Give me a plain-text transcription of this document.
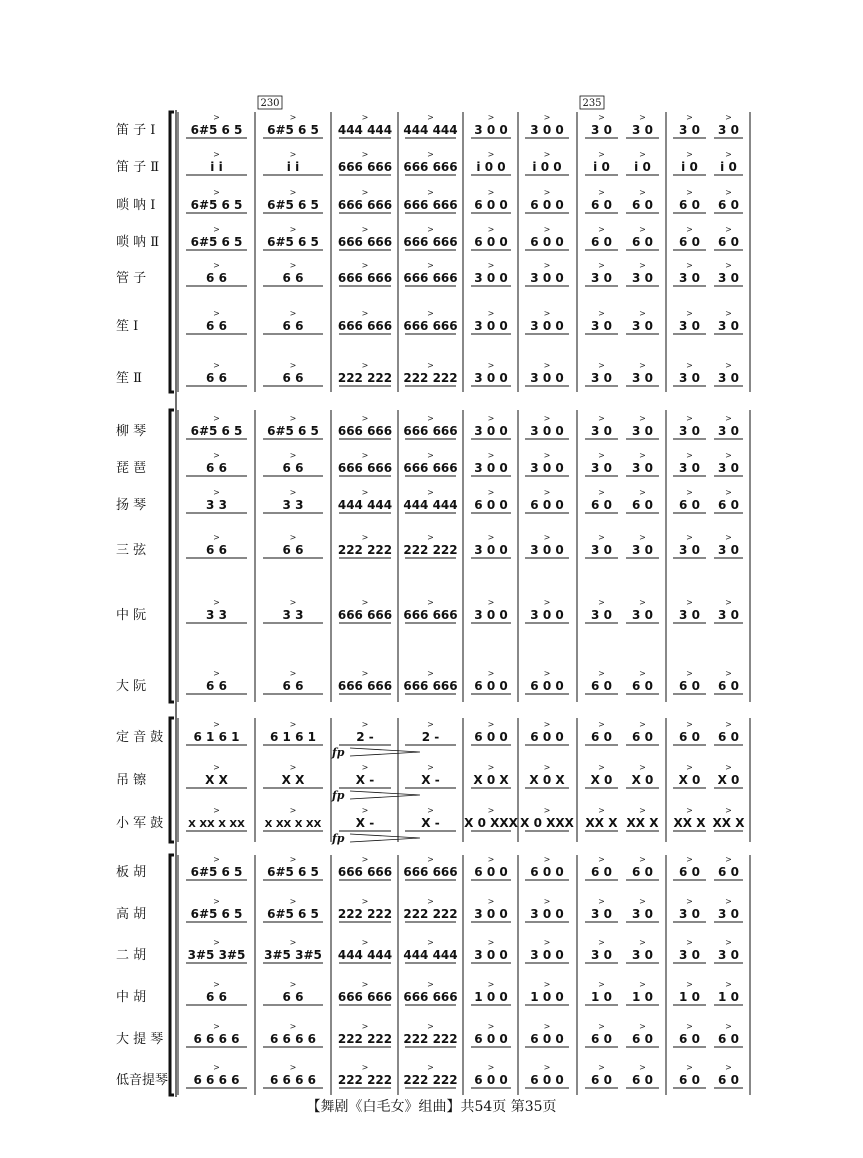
230	235
笛 子 Ⅰ
笛 子 Ⅱ
唢 呐 Ⅰ
唢 呐 Ⅱ
管 子
笙 Ⅰ
笙 Ⅱ
柳 琴
琵 琶
扬 琴
三 弦
中 阮
大 阮
定 音 鼓
吊 镲
小 军 鼓
板 胡
高 胡
二 胡
中 胡
大 提 琴
低音提琴
>
6#5 6 5
>
6#5 6 5
>
444 444
>
444 444
>
3 0 0
>
3 0 0
>
3 0
>
3 0
>
3 0
>
3 0
>
i i
>
i i
>
666 666
>
666 666
>
i 0 0
>
i 0 0
>
i 0
>
i 0
>
i 0
>
i 0
>
6#5 6 5
>
6#5 6 5
>
666 666
>
666 666
>
6 0 0
>
6 0 0
>
6 0
>
6 0
>
6 0
>
6 0
>
6#5 6 5
>
6#5 6 5
>
666 666
>
666 666
>
6 0 0
>
6 0 0
>
6 0
>
6 0
>
6 0
>
6 0
>
6 6
>
6 6
>
666 666
>
666 666
>
3 0 0
>
3 0 0
>
3 0
>
3 0
>
3 0
>
3 0
>
6 6
>
6 6
>
666 666
>
666 666
>
3 0 0
>
3 0 0
>
3 0
>
3 0
>
3 0
>
3 0
>
6 6
>
6 6
>
222 222
>
222 222
>
3 0 0
>
3 0 0
>
3 0
>
3 0
>
3 0
>
3 0
>
6#5 6 5
>
6#5 6 5
>
666 666
>
666 666
>
3 0 0
>
3 0 0
>
3 0
>
3 0
>
3 0
>
3 0
>
6 6
>
6 6
>
666 666
>
666 666
>
3 0 0
>
3 0 0
>
3 0
>
3 0
>
3 0
>
3 0
>
3 3
>
3 3
>
444 444
>
444 444
>
6 0 0
>
6 0 0
>
6 0
>
6 0
>
6 0
>
6 0
>
6 6
>
6 6
>
222 222
>
222 222
>
3 0 0
>
3 0 0
>
3 0
>
3 0
>
3 0
>
3 0
>
3 3
>
3 3
>
666 666
>
666 666
>
3 0 0
>
3 0 0
>
3 0
>
3 0
>
3 0
>
3 0
>
6 6
>
6 6
>
666 666
>
666 666
>
6 0 0
>
6 0 0
>
6 0
>
6 0
>
6 0
>
6 0
>
6 1 6 1
>
6 1 6 1
>
2 -
>
2 -
>
6 0 0
>
6 0 0
>
6 0
>
6 0
>
6 0
>
6 0
>
X X
>
X X
>
X -
>
X -
>
X 0 X
>
X 0 X
>
X 0
>
X 0
>
X 0
>
X 0
>
X XX X XX
>
X XX X XX
>
X -
>
X -
>
X 0 XXX
>
X 0 XXX
>
XX X
>
XX X
>
XX X
>
XX X
>
6#5 6 5
>
6#5 6 5
>
666 666
>
666 666
>
6 0 0
>
6 0 0
>
6 0
>
6 0
>
6 0
>
6 0
>
6#5 6 5
>
6#5 6 5
>
222 222
>
222 222
>
3 0 0
>
3 0 0
>
3 0
>
3 0
>
3 0
>
3 0
>
3#5 3#5
>
3#5 3#5
>
444 444
>
444 444
>
3 0 0
>
3 0 0
>
3 0
>
3 0
>
3 0
>
3 0
>
6 6
>
6 6
>
666 666
>
666 666
>
1 0 0
>
1 0 0
>
1 0
>
1 0
>
1 0
>
1 0
>
6 6 6 6
>
6 6 6 6
>
222 222
>
222 222
>
6 0 0
>
6 0 0
>
6 0
>
6 0
>
6 0
>
6 0
>
6 6 6 6
>
6 6 6 6
>
222 222
>
222 222
>
6 0 0
>
6 0 0
>
6 0
>
6 0
>
6 0
>
6 0
fp
fp
fp
【舞剧《白毛女》组曲】共54页 第35页
